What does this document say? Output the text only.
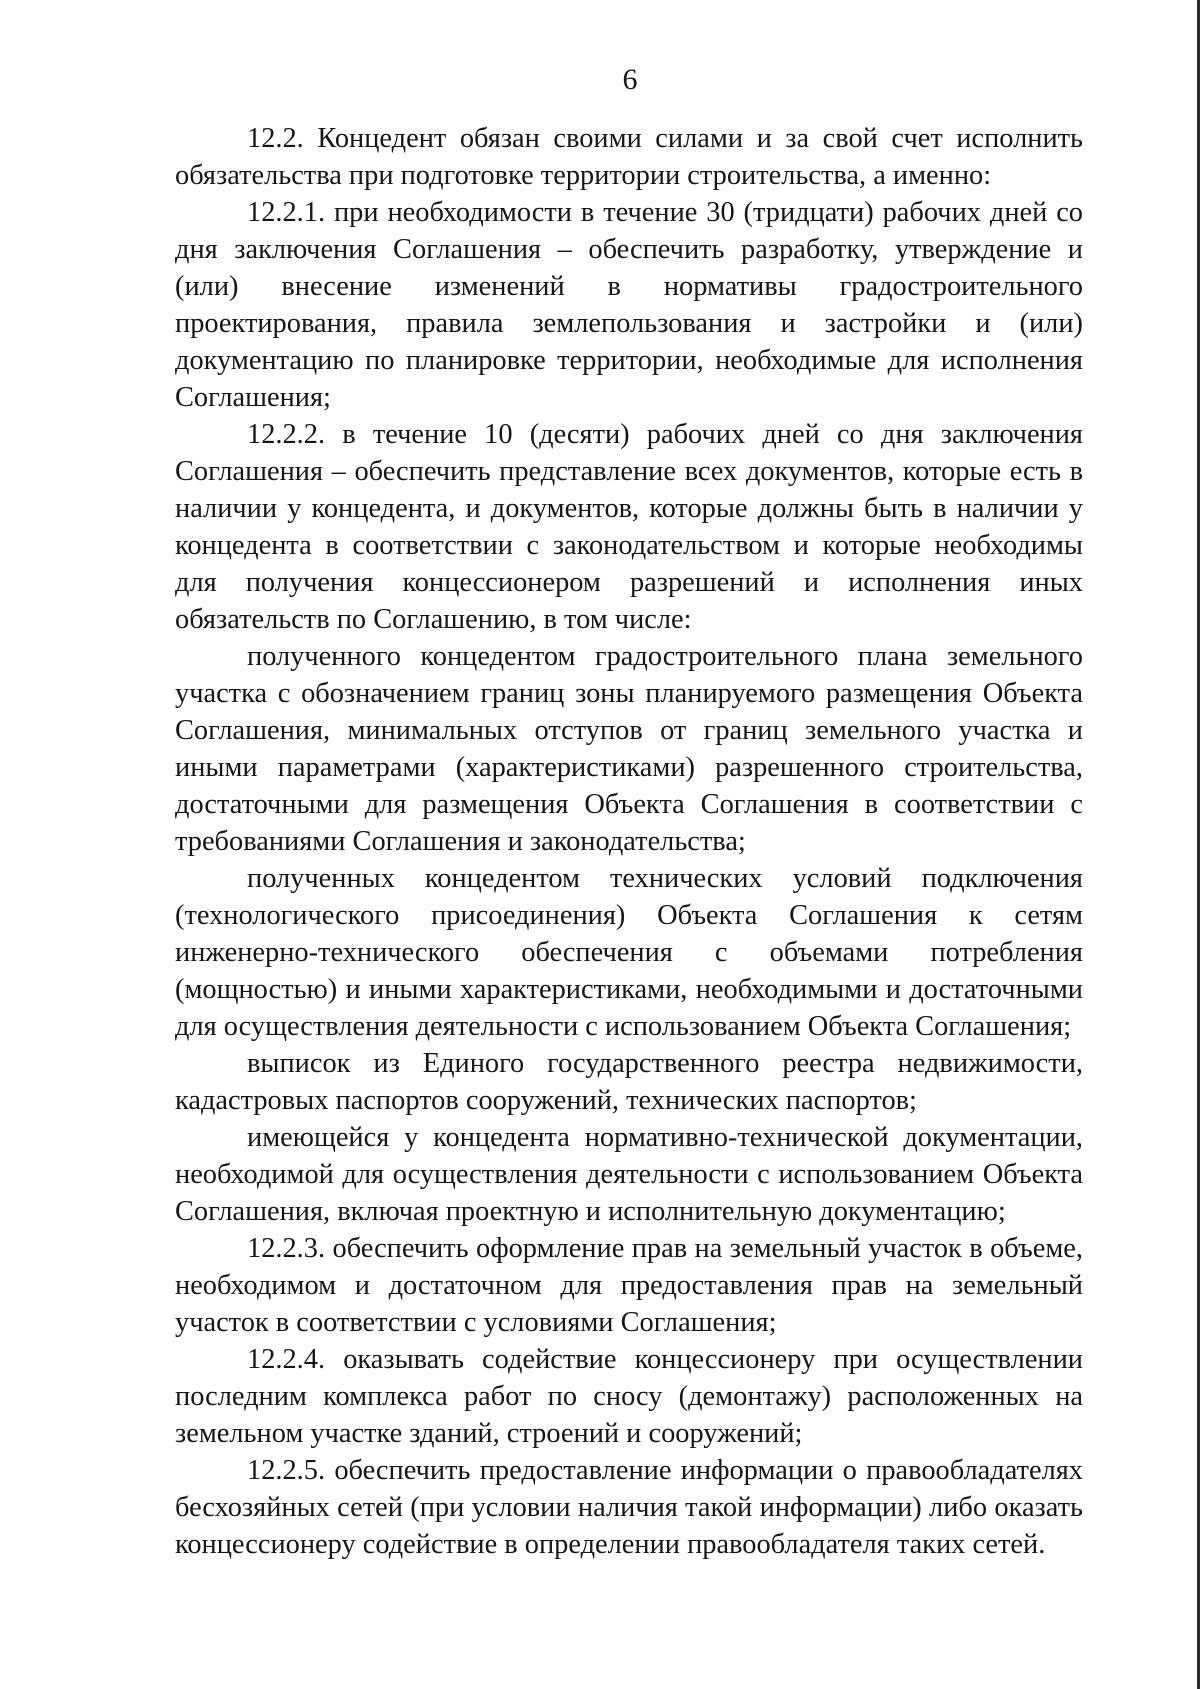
6

12.2. Концедент обязан своими силами и за свой счет исполнить обязательства при подготовке территории строительства, а именно:

12.2.1. при необходимости в течение 30 (тридцати) рабочих дней со дня заключения Соглашения – обеспечить разработку, утверждение и (или) внесение изменений в нормативы градостроительного проектирования, правила землепользования и застройки и (или) документацию по планировке территории, необходимые для исполнения Соглашения;

12.2.2. в течение 10 (десяти) рабочих дней со дня заключения Соглашения – обеспечить представление всех документов, которые есть в наличии у концедента, и документов, которые должны быть в наличии у концедента в соответствии с законодательством и которые необходимы для получения концессионером разрешений и исполнения иных обязательств по Соглашению, в том числе:

полученного концедентом градостроительного плана земельного участка с обозначением границ зоны планируемого размещения Объекта Соглашения, минимальных отступов от границ земельного участка и иными параметрами (характеристиками) разрешенного строительства, достаточными для размещения Объекта Соглашения в соответствии с требованиями Соглашения и законодательства;

полученных концедентом технических условий подключения (технологического присоединения) Объекта Соглашения к сетям инженерно-технического обеспечения с объемами потребления (мощностью) и иными характеристиками, необходимыми и достаточными для осуществления деятельности с использованием Объекта Соглашения;

выписок из Единого государственного реестра недвижимости, кадастровых паспортов сооружений, технических паспортов;

имеющейся у концедента нормативно-технической документации, необходимой для осуществления деятельности с использованием Объекта Соглашения, включая проектную и исполнительную документацию;

12.2.3. обеспечить оформление прав на земельный участок в объеме, необходимом и достаточном для предоставления прав на земельный участок в соответствии с условиями Соглашения;

12.2.4. оказывать содействие концессионеру при осуществлении последним комплекса работ по сносу (демонтажу) расположенных на земельном участке зданий, строений и сооружений;

12.2.5. обеспечить предоставление информации о правообладателях бесхозяйных сетей (при условии наличия такой информации) либо оказать концессионеру содействие в определении правообладателя таких сетей.
